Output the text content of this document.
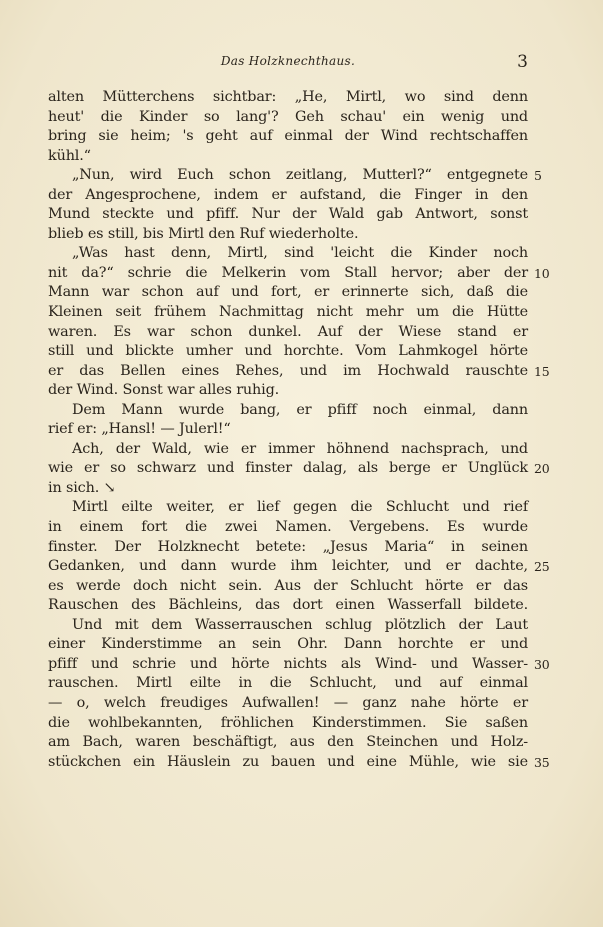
Das Holzknechthaus.	3
alten Mütterchens sichtbar: „He, Mirtl, wo sind denn
heut' die Kinder so lang'? Geh schau' ein wenig und
bring sie heim; 's geht auf einmal der Wind rechtschaffen
kühl.“
„Nun, wird Euch schon zeitlang, Mutterl?“ entgegnete 5
der Angesprochene, indem er aufstand, die Finger in den
Mund steckte und pfiff. Nur der Wald gab Antwort, sonst
blieb es still, bis Mirtl den Ruf wiederholte.
„Was hast denn, Mirtl, sind 'leicht die Kinder noch
nit da?“ schrie die Melkerin vom Stall hervor; aber der 10
Mann war schon auf und fort, er erinnerte sich, daß die
Kleinen seit frühem Nachmittag nicht mehr um die Hütte
waren. Es war schon dunkel. Auf der Wiese stand er
still und blickte umher und horchte. Vom Lahmkogel hörte
er das Bellen eines Rehes, und im Hochwald rauschte 15
der Wind. Sonst war alles ruhig.
Dem Mann wurde bang, er pfiff noch einmal, dann
rief er: „Hansl! — Julerl!“
Ach, der Wald, wie er immer höhnend nachsprach, und
wie er so schwarz und finster dalag, als berge er Unglück 20
in sich. ↘
Mirtl eilte weiter, er lief gegen die Schlucht und rief
in einem fort die zwei Namen. Vergebens. Es wurde
finster. Der Holzknecht betete: „Jesus Maria“ in seinen
Gedanken, und dann wurde ihm leichter, und er dachte, 25
es werde doch nicht sein. Aus der Schlucht hörte er das
Rauschen des Bächleins, das dort einen Wasserfall bildete.
Und mit dem Wasserrauschen schlug plötzlich der Laut
einer Kinderstimme an sein Ohr. Dann horchte er und
pfiff und schrie und hörte nichts als Wind- und Wasser- 30
rauschen. Mirtl eilte in die Schlucht, und auf einmal
— o, welch freudiges Aufwallen! — ganz nahe hörte er
die wohlbekannten, fröhlichen Kinderstimmen. Sie saßen
am Bach, waren beschäftigt, aus den Steinchen und Holz-
stückchen ein Häuslein zu bauen und eine Mühle, wie sie 35
